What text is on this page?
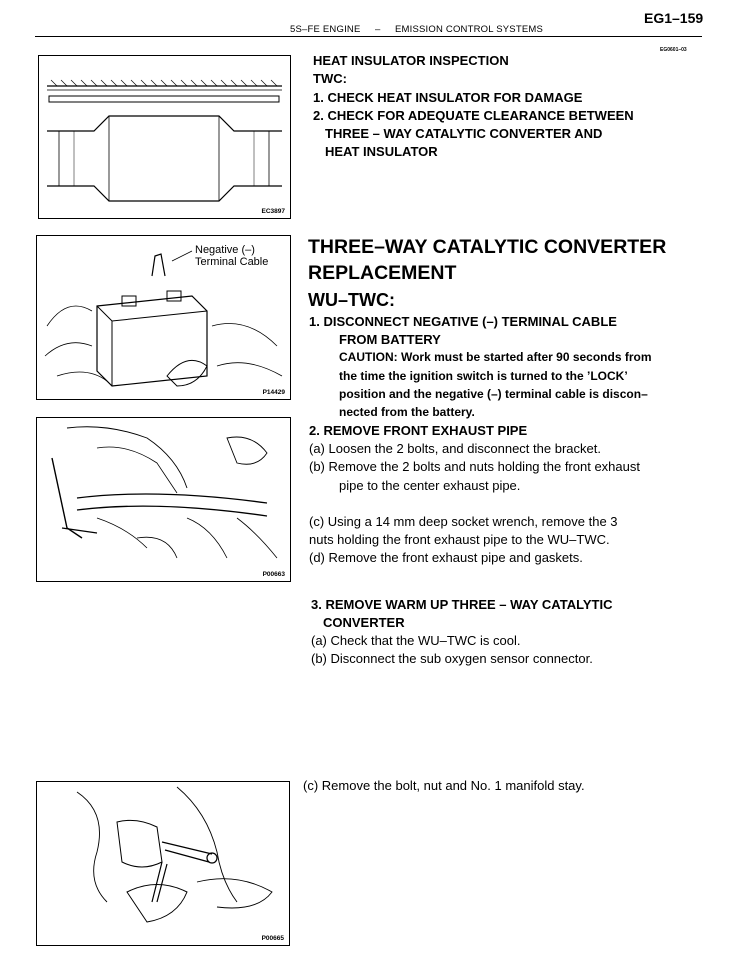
5S–FE ENGINE – EMISSION CONTROL SYSTEMS
EG1–159
EG0601–03
EC3897
Negative (–)
Terminal Cable
P14429
P00663
P00665
HEAT INSULATOR INSPECTION
TWC:
1. CHECK HEAT INSULATOR FOR DAMAGE
2. CHECK FOR ADEQUATE CLEARANCE BETWEEN
THREE – WAY CATALYTIC CONVERTER AND
HEAT INSULATOR
THREE–WAY CATALYTIC CONVERTER
REPLACEMENT
WU–TWC:
1. DISCONNECT NEGATIVE (–) TERMINAL CABLE
FROM BATTERY
CAUTION: Work must be started after 90 seconds from
the time the ignition switch is turned to the ’LOCK’
position and the negative (–) terminal cable is discon–
nected from the battery.
2. REMOVE FRONT EXHAUST PIPE
(a) Loosen the 2 bolts, and disconnect the bracket.
(b) Remove the 2 bolts and nuts holding the front exhaust
pipe to the center exhaust pipe.
(c) Using a 14 mm deep socket wrench, remove the 3
nuts holding the front exhaust pipe to the WU–TWC.
(d) Remove the front exhaust pipe and gaskets.
3. REMOVE WARM UP THREE – WAY CATALYTIC
CONVERTER
(a) Check that the WU–TWC is cool.
(b) Disconnect the sub oxygen sensor connector.
(c) Remove the bolt, nut and No. 1 manifold stay.
